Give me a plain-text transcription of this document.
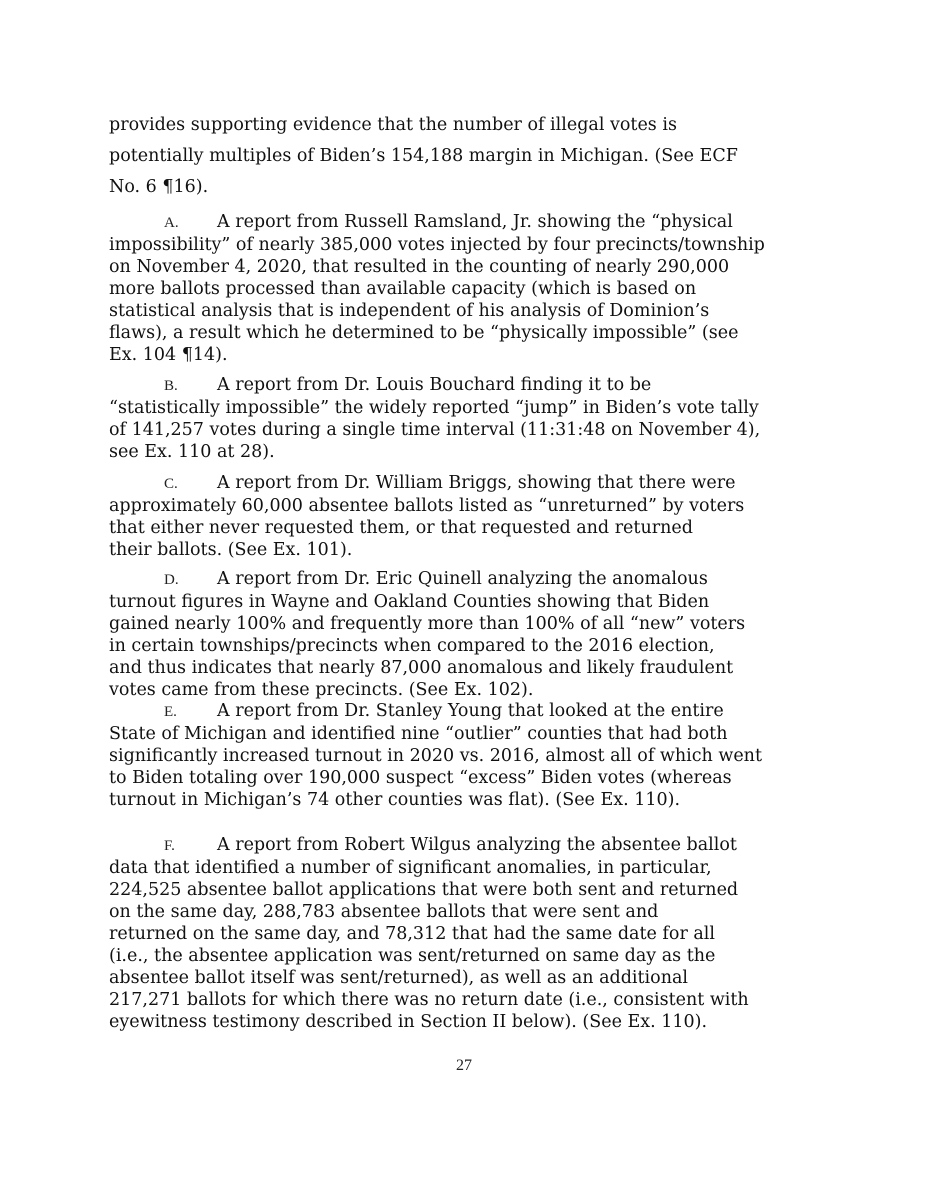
provides supporting evidence that the number of illegal votes is
potentially multiples of Biden’s 154,188 margin in Michigan. (See ECF
No. 6 ¶16).

A. A report from Russell Ramsland, Jr. showing the “physical
impossibility” of nearly 385,000 votes injected by four precincts/township
on November 4, 2020, that resulted in the counting of nearly 290,000
more ballots processed than available capacity (which is based on
statistical analysis that is independent of his analysis of Dominion’s
flaws), a result which he determined to be “physically impossible” (see
Ex. 104 ¶14).

B. A report from Dr. Louis Bouchard finding it to be
“statistically impossible” the widely reported “jump” in Biden’s vote tally
of 141,257 votes during a single time interval (11:31:48 on November 4),
see Ex. 110 at 28).

C. A report from Dr. William Briggs, showing that there were
approximately 60,000 absentee ballots listed as “unreturned” by voters
that either never requested them, or that requested and returned
their ballots. (See Ex. 101).

D. A report from Dr. Eric Quinell analyzing the anomalous
turnout figures in Wayne and Oakland Counties showing that Biden
gained nearly 100% and frequently more than 100% of all “new” voters
in certain townships/precincts when compared to the 2016 election,
and thus indicates that nearly 87,000 anomalous and likely fraudulent
votes came from these precincts. (See Ex. 102).

E. A report from Dr. Stanley Young that looked at the entire
State of Michigan and identified nine “outlier” counties that had both
significantly increased turnout in 2020 vs. 2016, almost all of which went
to Biden totaling over 190,000 suspect “excess” Biden votes (whereas
turnout in Michigan’s 74 other counties was flat). (See Ex. 110).

F. A report from Robert Wilgus analyzing the absentee ballot
data that identified a number of significant anomalies, in particular,
224,525 absentee ballot applications that were both sent and returned
on the same day, 288,783 absentee ballots that were sent and
returned on the same day, and 78,312 that had the same date for all
(i.e., the absentee application was sent/returned on same day as the
absentee ballot itself was sent/returned), as well as an additional
217,271 ballots for which there was no return date (i.e., consistent with
eyewitness testimony described in Section II below). (See Ex. 110).

27
